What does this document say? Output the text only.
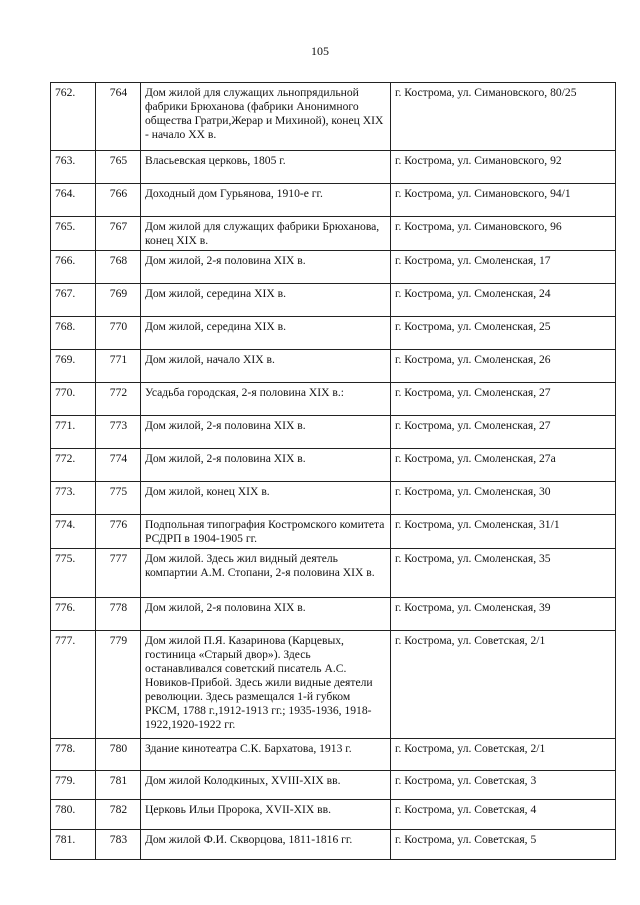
105
762.	764	Дом жилой для служащих льнопрядильной фабрики Брюханова (фабрики Анонимного общества Гратри,Жерар и Михиной), конец XIX - начало XX в.	г. Кострома, ул. Симановского, 80/25
763.	765	Власьевская церковь, 1805 г.	г. Кострома, ул. Симановского, 92
764.	766	Доходный дом Гурьянова, 1910-е гг.	г. Кострома, ул. Симановского, 94/1
765.	767	Дом жилой для служащих фабрики Брюханова, конец XIX в.	г. Кострома, ул. Симановского, 96
766.	768	Дом жилой, 2-я половина XIX в.	г. Кострома, ул. Смоленская, 17
767.	769	Дом жилой, середина XIX в.	г. Кострома, ул. Смоленская, 24
768.	770	Дом жилой, середина XIX в.	г. Кострома, ул. Смоленская, 25
769.	771	Дом жилой, начало XIX в.	г. Кострома, ул. Смоленская, 26
770.	772	Усадьба городская, 2-я половина XIX в.:	г. Кострома, ул. Смоленская, 27
771.	773	Дом жилой, 2-я половина XIX в.	г. Кострома, ул. Смоленская, 27
772.	774	Дом жилой, 2-я половина XIX в.	г. Кострома, ул. Смоленская, 27а
773.	775	Дом жилой, конец XIX в.	г. Кострома, ул. Смоленская, 30
774.	776	Подпольная типография Костромского комитета РСДРП в 1904-1905 гг.	г. Кострома, ул. Смоленская, 31/1
775.	777	Дом жилой. Здесь жил видный деятель компартии А.М. Стопани, 2-я половина XIX в.	г. Кострома, ул. Смоленская, 35
776.	778	Дом жилой, 2-я половина XIX в.	г. Кострома, ул. Смоленская, 39
777.	779	Дом жилой П.Я. Казаринова (Карцевых, гостиница «Старый двор»). Здесь останавливался советский писатель А.С. Новиков-Прибой. Здесь жили видные деятели революции. Здесь размещался 1-й губком РКСМ, 1788 г.,1912-1913 гг.; 1935-1936, 1918-1922,1920-1922 гг.	г. Кострома, ул. Советская, 2/1
778.	780	Здание кинотеатра С.К. Бархатова, 1913 г.	г. Кострома, ул. Советская, 2/1
779.	781	Дом жилой Колодкиных, XVIII-XIX вв.	г. Кострома, ул. Советская, 3
780.	782	Церковь Ильи Пророка, XVII-XIX вв.	г. Кострома, ул. Советская, 4
781.	783	Дом жилой Ф.И. Скворцова, 1811-1816 гг.	г. Кострома, ул. Советская, 5
